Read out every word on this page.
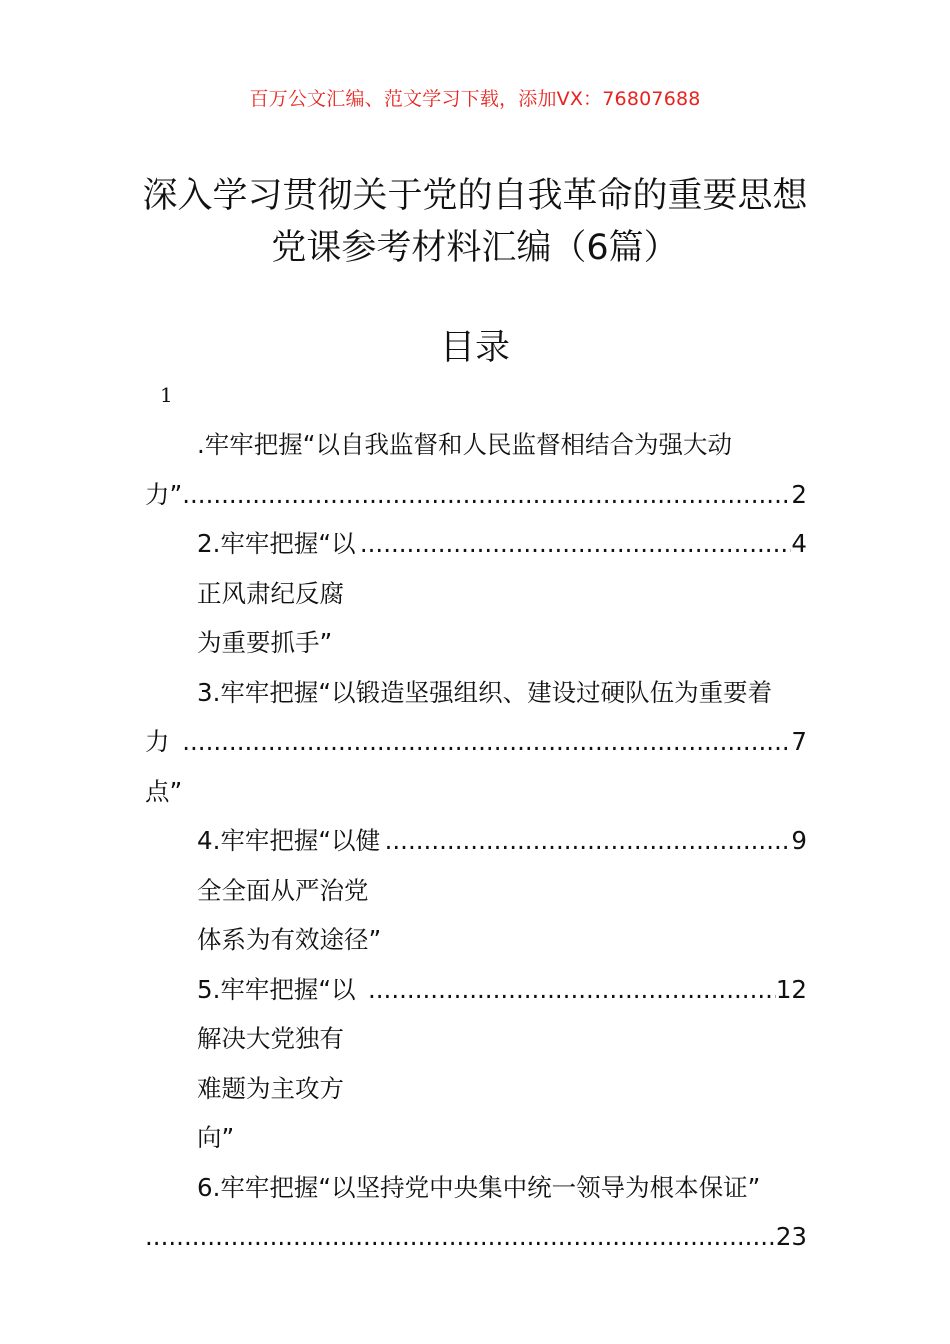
百万公文汇编、范文学习下载，添加VX：76807688
深入学习贯彻关于党的自我革命的重要思想党课参考材料汇编（6篇）
目录
1
.牢牢把握“以自我监督和人民监督相结合为强大动
力”
.....	2
2.牢牢把握“以正风肃纪反腐为重要抓手”
.....
4
3.牢牢把握“以锻造坚强组织、建设过硬队伍为重要着
力点”
.....
7
4.牢牢把握“以健全全面从严治党体系为有效途径”
.....
9
5.牢牢把握“以解决大党独有难题为主攻方向”
.....
12
6.牢牢把握“以坚持党中央集中统一领导为根本保证”
.....
23
